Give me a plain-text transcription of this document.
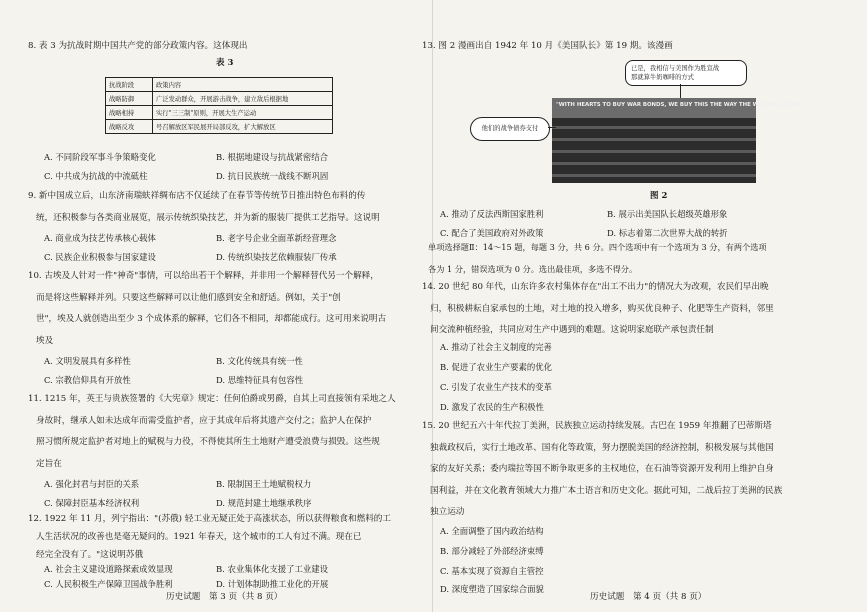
8. 表 3 为抗战时期中国共产党的部分政策内容。这体现出
表 3
抗战阶段	政策内容
战略防御	广泛发动群众，开展游击战争，建立敌后根据地
战略相持	实行"三三制"原则，开展大生产运动
战略反攻	号召解放区军民展开局部反攻，扩大解放区
A. 不同阶段军事斗争策略变化	B. 根据地建设与抗战紧密结合
C. 中共成为抗战的中流砥柱	D. 抗日民族统一战线不断巩固
9. 新中国成立后，山东济南瑞蚨祥绸布店不仅延续了在春节等传统节日推出特色布料的传
统，还积极参与各类商业展览，展示传统织染技艺，并为新的服装厂提供工艺指导。这说明
A. 商业成为技艺传承核心载体	B. 老字号企业全面革新经营理念
C. 民族企业积极参与国家建设	D. 传统织染技艺依赖服装厂传承
10. 古埃及人针对一件"神奇"事情，可以给出若干个解释，并非用一个解释替代另一个解释，
而是将这些解释并列。只要这些解释可以让他们感到安全和舒适。例如，关于"创
世"，埃及人就创造出至少 3 个成体系的解释，它们各不相同，却都能成行。这可用来说明古
埃及
A. 文明发展具有多样性	B. 文化传统具有统一性
C. 宗教信仰具有开放性	D. 思维特征具有包容性
11. 1215 年，英王与贵族签署的《大宪章》规定：任何伯爵或男爵，自其上司直接领有采地之人
身故时，继承人如未达成年而需受监护者，应于其成年后将其遗产交付之；监护人在保护
照习惯所规定监护者对地上的赋税与力役，不得使其所生土地财产遭受浪费与损毁。这些规
定旨在
A. 强化封君与封臣的关系	B. 限制国王土地赋税权力
C. 保障封臣基本经济权利	D. 规范封建土地继承秩序
12. 1922 年 11 月，列宁指出："(苏俄) 轻工业无疑正处于高涨状态，所以获得粮食和燃料的工
人生活状况的改善也是毫无疑问的。1921 年春天，这个城市的工人有过不满。现在已
经完全没有了。"这说明苏俄
A. 社会主义建设道路探索成效显现	B. 农业集体化支援了工业建设
C. 人民积极生产保障卫国战争胜利	D. 计划体制助推工业化的开展
历史试题　第 3 页（共 8 页）
13. 图 2 漫画出自 1942 年 10 月《美国队长》第 19 期。该漫画
已是，我相信与美国作为胜宣战
那就算牛奶咖啡的方式
"WITH HEARTS TO BUY WAR BONDS, WE BUY THIS THE WAY THE WAR WILL END!"
他们的战争债券支付
图 2
A. 推动了反法西斯国家胜利	B. 展示出美国队长超级英雄形象
C. 配合了美国政府对外政策	D. 标志着第二次世界大战的转折
单项选择题Ⅱ：14～15 题，每题 3 分，共 6 分。四个选项中有一个选项为 3 分，有两个选项
各为 1 分，错误选项为 0 分。选出最佳项，多选不得分。
14. 20 世纪 80 年代，山东许多农村集体存在"出工不出力"的情况大为改观，农民们早出晚
归，积极耕耘自家承包的土地，对土地的投入增多，购买优良种子、化肥等生产资料，邻里
间交流种植经验，共同应对生产中遇到的难题。这说明家庭联产承包责任制
A. 推动了社会主义制度的完善
B. 促进了农业生产要素的优化
C. 引发了农业生产技术的变革
D. 激发了农民的生产积极性
15. 20 世纪五六十年代拉丁美洲，民族独立运动持续发展。古巴在 1959 年推翻了巴蒂斯塔
独裁政权后，实行土地改革、国有化等政策，努力摆脱美国的经济控制，积极发展与其他国
家的友好关系；委内瑞拉等国不断争取更多的主权地位，在石油等资源开发利用上维护自身
国利益，并在文化教育领域大力推广本土语言和历史文化。据此可知，二战后拉丁美洲的民族
独立运动
A. 全面调整了国内政治结构
B. 部分减轻了外部经济束缚
C. 基本实现了资源自主管控
D. 深度塑造了国家综合面貌
历史试题　第 4 页（共 8 页）
